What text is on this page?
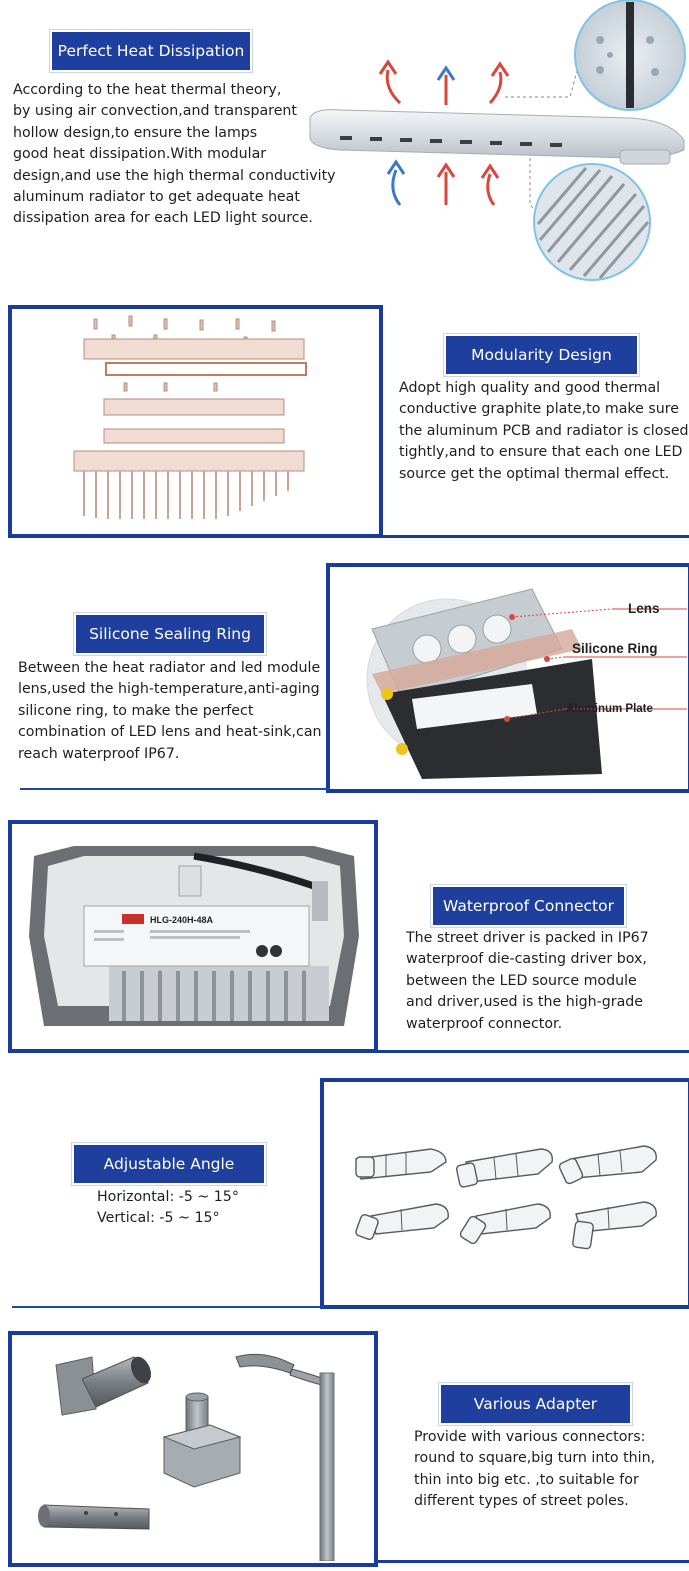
Perfect Heat Dissipation

According to the heat thermal theory,
by using air convection,and transparent
hollow design,to ensure the lamps
good heat dissipation.With modular
design,and use the high thermal conductivity
aluminum radiator to get adequate heat
dissipation area for each LED light source.

Modularity Design

Adopt high quality and good thermal
conductive graphite plate,to make sure
the aluminum PCB and radiator is closed
tightly,and to ensure that each one LED
source get the optimal thermal effect.

Silicone Sealing Ring

Between the heat radiator and led module
lens,used the high-temperature,anti-aging
silicone ring, to make the perfect
combination of LED lens and heat-sink,can
reach waterproof IP67.

Lens
Silicone Ring
Aluminum Plate
HLG-240H-48A
Waterproof Connector

The street driver is packed in IP67
waterproof die-casting driver box,
between the LED source module
and driver,used is the high-grade
waterproof connector.

Adjustable Angle

Horizontal: -5 ~ 15°
Vertical: -5 ~ 15°

Various Adapter

Provide with various connectors:
round to square,big turn into thin,
thin into big etc. ,to suitable for
different types of street poles.
